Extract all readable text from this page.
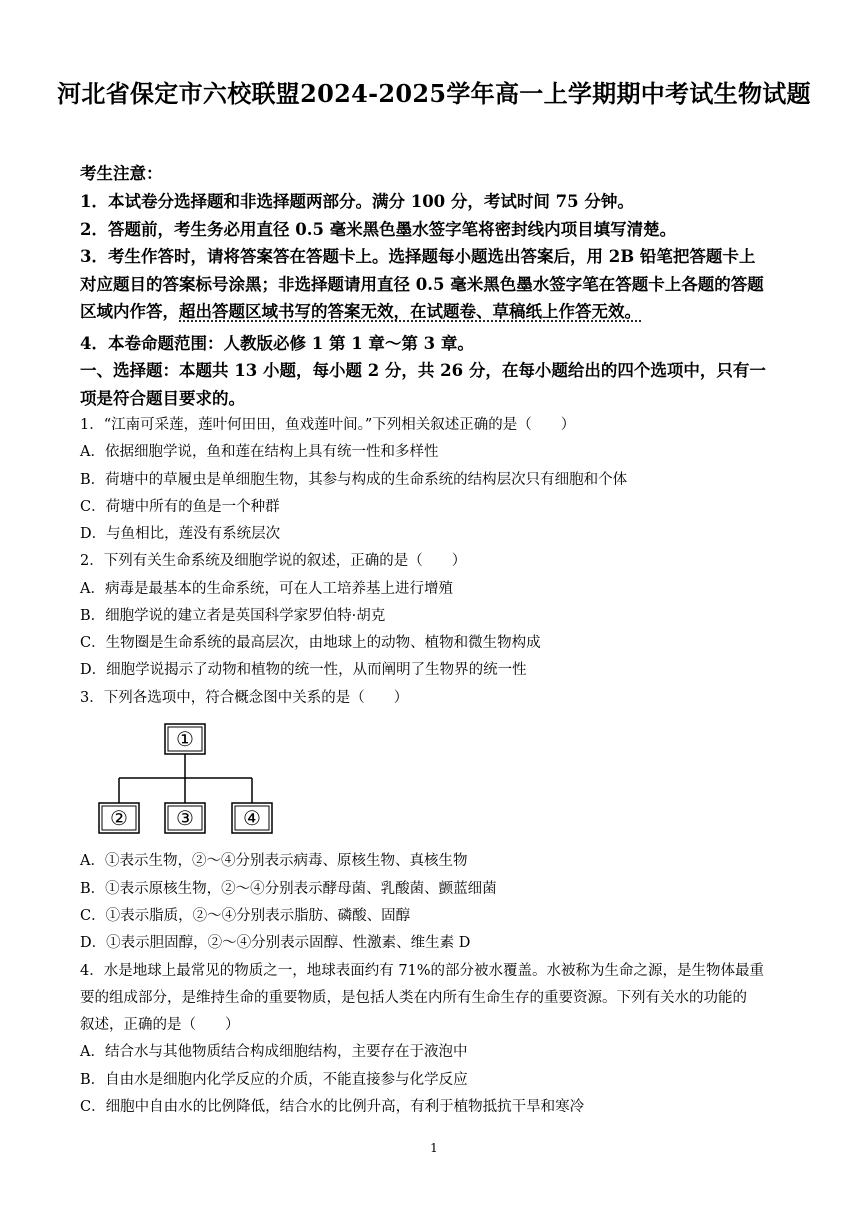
河北省保定市六校联盟2024-2025学年高一上学期期中考试生物试题
考生注意：
1．本试卷分选择题和非选择题两部分。满分 100 分，考试时间 75 分钟。
2．答题前，考生务必用直径 0.5 毫米黑色墨水签字笔将密封线内项目填写清楚。
3．考生作答时，请将答案答在答题卡上。选择题每小题选出答案后，用 2B 铅笔把答题卡上
对应题目的答案标号涂黑；非选择题请用直径 0.5 毫米黑色墨水签字笔在答题卡上各题的答题
区域内作答，超出答题区域书写的答案无效，在试题卷、草稿纸上作答无效。
4．本卷命题范围：人教版必修 1 第 1 章～第 3 章。
一、选择题：本题共 13 小题，每小题 2 分，共 26 分，在每小题给出的四个选项中，只有一
项是符合题目要求的。
1．“江南可采莲，莲叶何田田，鱼戏莲叶间。”下列相关叙述正确的是（　　）
A．依据细胞学说，鱼和莲在结构上具有统一性和多样性
B．荷塘中的草履虫是单细胞生物，其参与构成的生命系统的结构层次只有细胞和个体
C．荷塘中所有的鱼是一个种群
D．与鱼相比，莲没有系统层次
2．下列有关生命系统及细胞学说的叙述，正确的是（　　）
A．病毒是最基本的生命系统，可在人工培养基上进行增殖
B．细胞学说的建立者是英国科学家罗伯特·胡克
C．生物圈是生命系统的最高层次，由地球上的动物、植物和微生物构成
D．细胞学说揭示了动物和植物的统一性，从而阐明了生物界的统一性
3．下列各选项中，符合概念图中关系的是（　　）
①
② ③ ④
A．①表示生物，②～④分别表示病毒、原核生物、真核生物
B．①表示原核生物，②～④分别表示酵母菌、乳酸菌、颤蓝细菌
C．①表示脂质，②～④分别表示脂肪、磷酸、固醇
D．①表示胆固醇，②～④分别表示固醇、性激素、维生素 D
4．水是地球上最常见的物质之一，地球表面约有 71%的部分被水覆盖。水被称为生命之源，是生物体最重
要的组成部分，是维持生命的重要物质，是包括人类在内所有生命生存的重要资源。下列有关水的功能的
叙述，正确的是（　　）
A．结合水与其他物质结合构成细胞结构，主要存在于液泡中
B．自由水是细胞内化学反应的介质，不能直接参与化学反应
C．细胞中自由水的比例降低，结合水的比例升高，有利于植物抵抗干旱和寒冷
1
